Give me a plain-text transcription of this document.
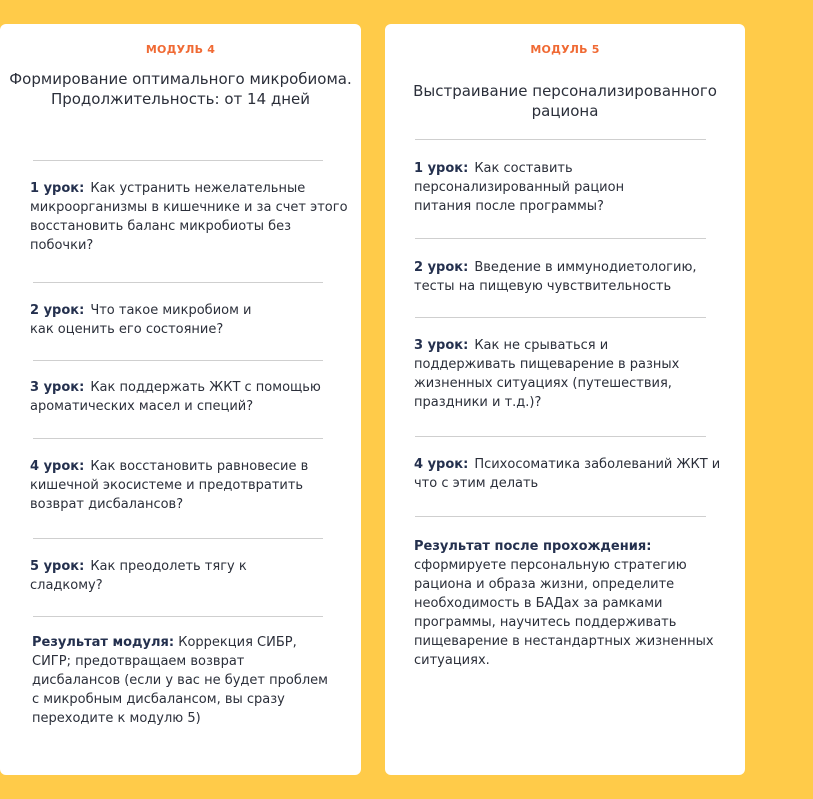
МОДУЛЬ 4
Формирование оптимального микробиома. Продолжительность: от 14 дней
1 урок: Как устранить нежелательные микроорганизмы в кишечнике и за счет этого восстановить баланс микробиоты без побочки?
2 урок: Что такое микробиом и как оценить его состояние?
3 урок: Как поддержать ЖКТ с помощью ароматических масел и специй?
4 урок: Как восстановить равновесие в кишечной экосистеме и предотвратить возврат дисбалансов?
5 урок: Как преодолеть тягу к сладкому?
Результат модуля: Коррекция СИБР, СИГР; предотвращаем возврат дисбалансов (если у вас не будет проблем с микробным дисбалансом, вы сразу переходите к модулю 5)
МОДУЛЬ 5
Выстраивание персонализированного рациона
1 урок: Как составить персонализированный рацион питания после программы?
2 урок: Введение в иммунодиетологию, тесты на пищевую чувствительность
3 урок: Как не срываться и поддерживать пищеварение в разных жизненных ситуациях (путешествия, праздники и т.д.)?
4 урок: Психосоматика заболеваний ЖКТ и что с этим делать
Результат после прохождения:
сформируете персональную стратегию рациона и образа жизни, определите необходимость в БАДах за рамками программы, научитесь поддерживать пищеварение в нестандартных жизненных ситуациях.
